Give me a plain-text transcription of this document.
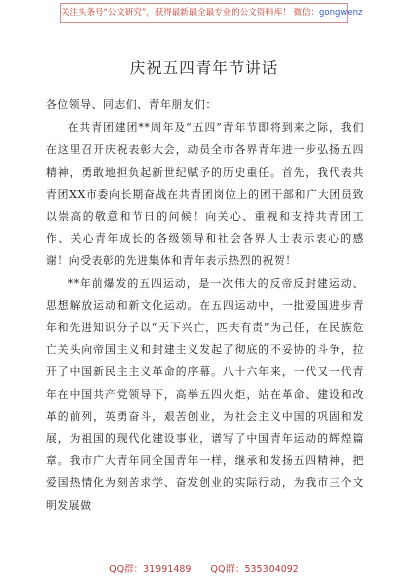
关注头条号“公文研究”，获得最新最全最专业的公文资料库！ 微信：gongwenz
庆祝五四青年节讲话

各位领导、同志们、青年朋友们：

在共青团建团**周年及“五四”青年节即将到来之际，我们在这里召开庆祝表彰大会，动员全市各界青年进一步弘扬五四精神，勇敢地担负起新世纪赋予的历史重任。首先，我代表共青团XX市委向长期奋战在共青团岗位上的团干部和广大团员致以崇高的敬意和节日的问候！向关心、重视和支持共青团工作、关心青年成长的各级领导和社会各界人士表示衷心的感谢！向受表彰的先进集体和青年表示热烈的祝贺！

**年前爆发的五四运动，是一次伟大的反帝反封建运动、思想解放运动和新文化运动。在五四运动中，一批爱国进步青年和先进知识分子以“天下兴亡，匹夫有责”为己任，在民族危亡关头向帝国主义和封建主义发起了彻底的不妥协的斗争，拉开了中国新民主主义革命的序幕。八十六年来，一代又一代青年在中国共产党领导下，高举五四火炬，站在革命、建设和改革的前列，英勇奋斗，艰苦创业，为社会主义中国的巩固和发展，为祖国的现代化建设事业，谱写了中国青年运动的辉煌篇章。我市广大青年同全国青年一样，继承和发扬五四精神，把爱国热情化为刻苦求学、奋发创业的实际行动，为我市三个文明发展做

QQ群：31991489 QQ群：535304092
